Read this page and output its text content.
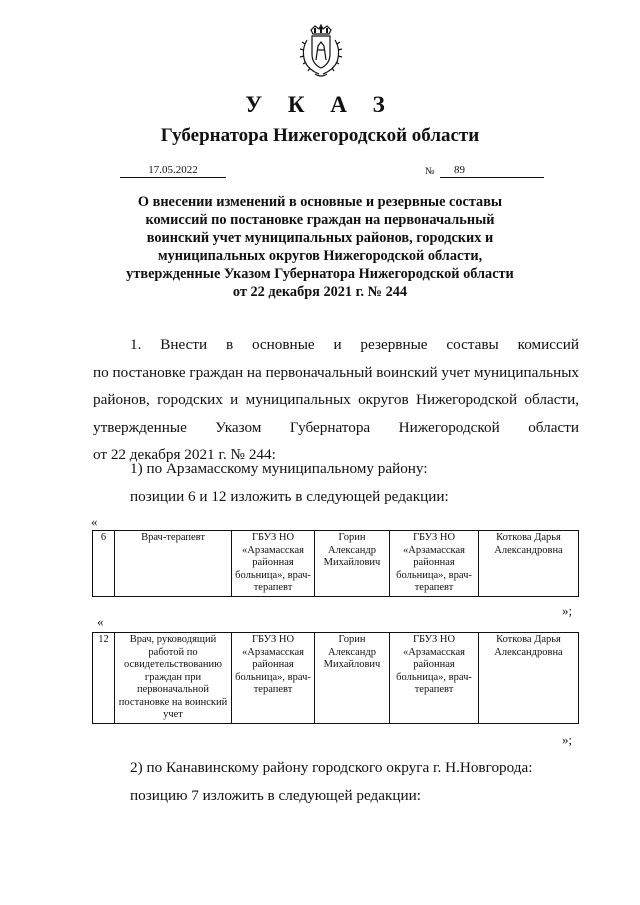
У К А З
Губернатора Нижегородской области
17.05.2022	№	89
О внесении изменений в основные и резервные составы
комиссий по постановке граждан на первоначальный
воинский учет муниципальных районов, городских и
муниципальных округов Нижегородской области,
утвержденные Указом Губернатора Нижегородской области
от 22 декабря 2021 г. № 244
1. Внести в основные и резервные составы комиссий
по постановке граждан на первоначальный воинский учет муниципальных
районов, городских и муниципальных округов Нижегородской области,
утвержденные Указом Губернатора Нижегородской области
от 22 декабря 2021 г. № 244:
1) по Арзамасскому муниципальному району:
позиции 6 и 12 изложить в следующей редакции:
«
6	Врач-терапевт	ГБУЗ НО «Арзамасская районная больница», врач-терапевт	Горин Александр Михайлович	ГБУЗ НО «Арзамасская районная больница», врач-терапевт	Коткова Дарья Александровна
»;
«
12	Врач, руководящий работой по освидетельствованию граждан при первоначальной постановке на воинский учет	ГБУЗ НО «Арзамасская районная больница», врач-терапевт	Горин Александр Михайлович	ГБУЗ НО «Арзамасская районная больница», врач-терапевт	Коткова Дарья Александровна
»;
2) по Канавинскому району городского округа г. Н.Новгорода:
позицию 7 изложить в следующей редакции:
